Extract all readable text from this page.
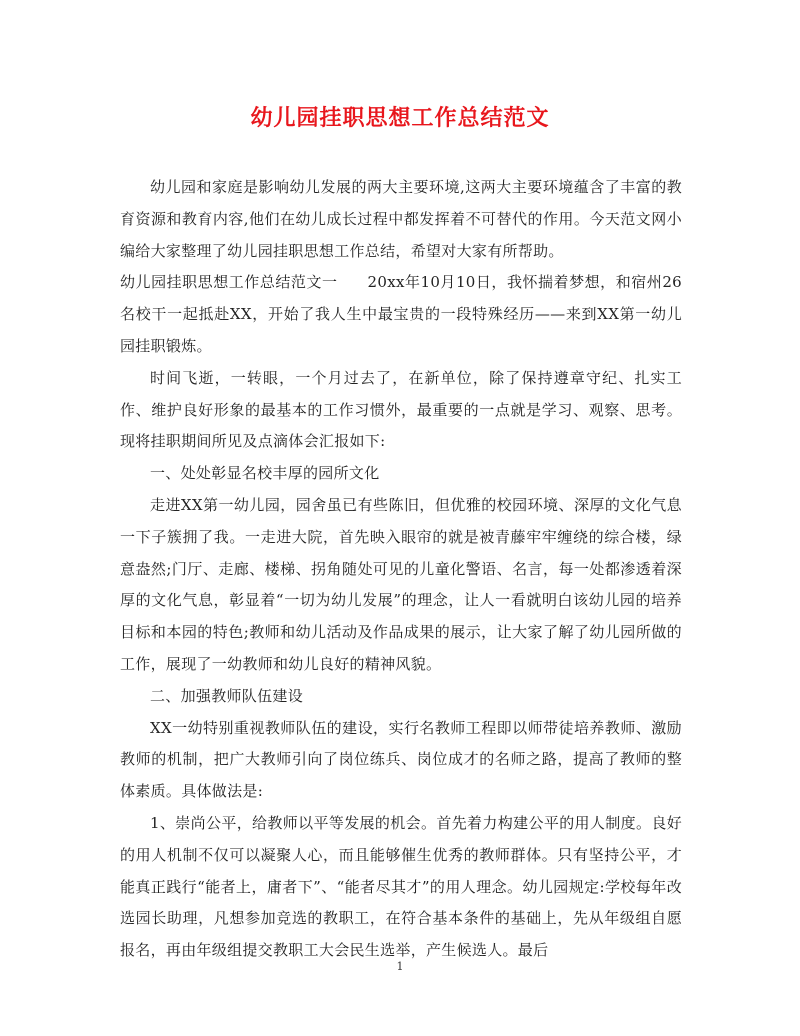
幼儿园挂职思想工作总结范文

幼儿园和家庭是影响幼儿发展的两大主要环境,这两大主要环境蕴含了丰富的教育资源和教育内容,他们在幼儿成长过程中都发挥着不可替代的作用。今天范文网小编给大家整理了幼儿园挂职思想工作总结，希望对大家有所帮助。

幼儿园挂职思想工作总结范文一 20xx年10月10日，我怀揣着梦想，和宿州26名校干一起抵赴XX，开始了我人生中最宝贵的一段特殊经历——来到XX第一幼儿园挂职锻炼。

时间飞逝，一转眼，一个月过去了，在新单位，除了保持遵章守纪、扎实工作、维护良好形象的最基本的工作习惯外，最重要的一点就是学习、观察、思考。现将挂职期间所见及点滴体会汇报如下:

一、处处彰显名校丰厚的园所文化

走进XX第一幼儿园，园舍虽已有些陈旧，但优雅的校园环境、深厚的文化气息一下子簇拥了我。一走进大院，首先映入眼帘的就是被青藤牢牢缠绕的综合楼，绿意盎然;门厅、走廊、楼梯、拐角随处可见的儿童化警语、名言，每一处都渗透着深厚的文化气息，彰显着“一切为幼儿发展”的理念，让人一看就明白该幼儿园的培养目标和本园的特色;教师和幼儿活动及作品成果的展示，让大家了解了幼儿园所做的工作，展现了一幼教师和幼儿良好的精神风貌。

二、加强教师队伍建设

XX一幼特别重视教师队伍的建设，实行名教师工程即以师带徒培养教师、激励教师的机制，把广大教师引向了岗位练兵、岗位成才的名师之路，提高了教师的整体素质。具体做法是:

1、崇尚公平，给教师以平等发展的机会。首先着力构建公平的用人制度。良好的用人机制不仅可以凝聚人心，而且能够催生优秀的教师群体。只有坚持公平，才能真正践行“能者上，庸者下”、“能者尽其才”的用人理念。幼儿园规定:学校每年改选园长助理，凡想参加竞选的教职工，在符合基本条件的基础上，先从年级组自愿报名，再由年级组提交教职工大会民生选举，产生候选人。最后

1
